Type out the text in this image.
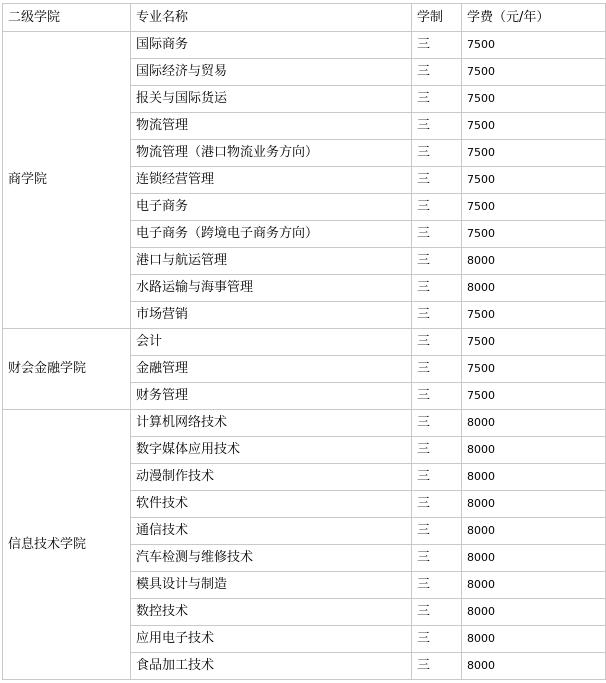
二级学院	专业名称	学制	学费（元/年）
商学院	国际商务	三	7500
	国际经济与贸易	三	7500
	报关与国际货运	三	7500
	物流管理	三	7500
	物流管理（港口物流业务方向）	三	7500
	连锁经营管理	三	7500
	电子商务	三	7500
	电子商务（跨境电子商务方向）	三	7500
	港口与航运管理	三	8000
	水路运输与海事管理	三	8000
	市场营销	三	7500
财会金融学院	会计	三	7500
	金融管理	三	7500
	财务管理	三	7500
信息技术学院	计算机网络技术	三	8000
	数字媒体应用技术	三	8000
	动漫制作技术	三	8000
	软件技术	三	8000
	通信技术	三	8000
	汽车检测与维修技术	三	8000
	模具设计与制造	三	8000
	数控技术	三	8000
	应用电子技术	三	8000
	食品加工技术	三	8000
